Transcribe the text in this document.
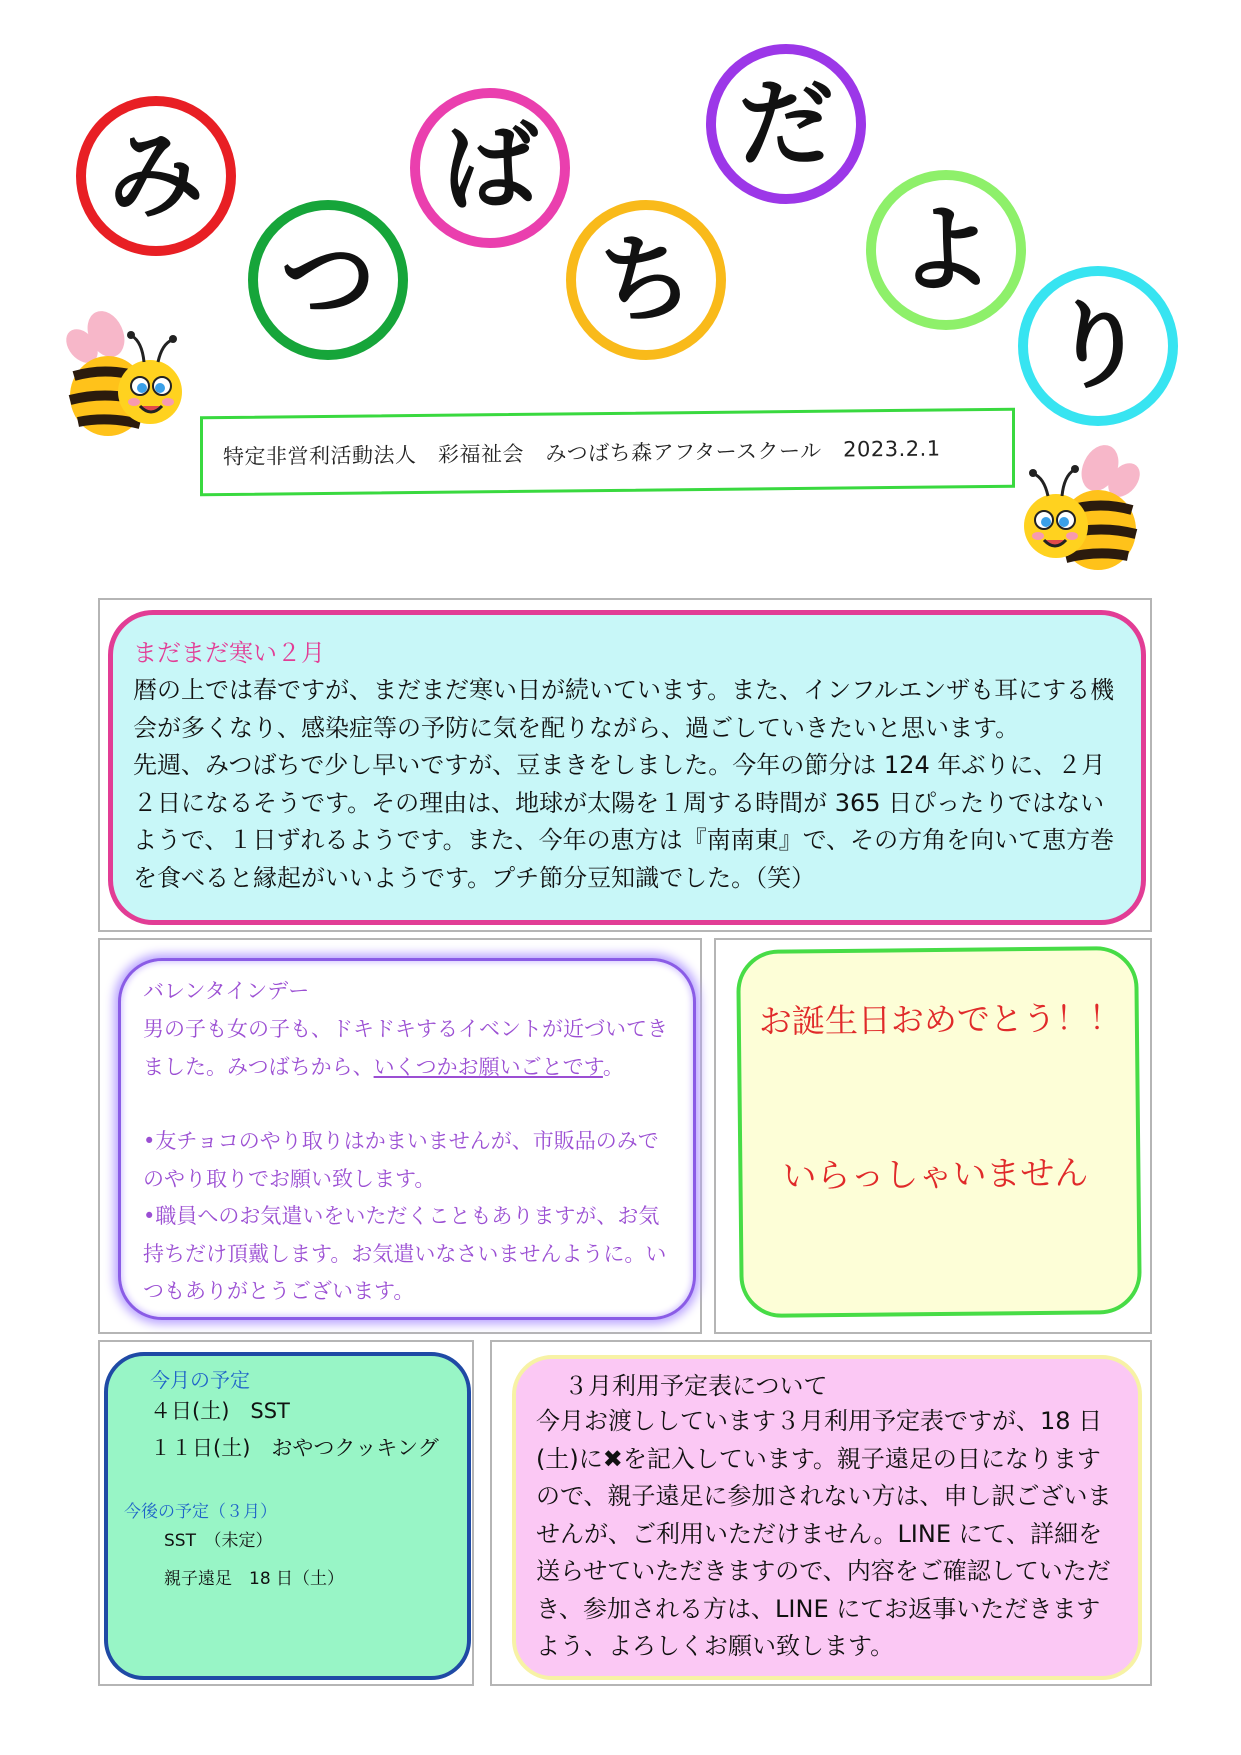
み
つ
ば
ち
だ
よ
り
特定非営利活動法人
　 彩福祉会
　 みつばち森アフタースクール
　 2023.2.1
まだまだ寒い２月

暦の上では春ですが、まだまだ寒い日が続いています。また、インフルエンザも耳にする機会が多くなり、感染症等の予防に気を配りながら、過ごしていきたいと思います。

先週、みつばちで少し早いですが、豆まきをしました。今年の節分は 124 年ぶりに、２月２日になるそうです。その理由は、地球が太陽を１周する時間が 365 日ぴったりではないようで、１日ずれるようです。また、今年の恵方は『南南東』で、その方角を向いて恵方巻を食べると縁起がいいようです。プチ節分豆知識でした。（笑）

バレンタインデー

男の子も女の子も、ドキドキするイベントが近づいてきました。みつばちから、いくつかお願いごとです。

•友チョコのやり取りはかまいませんが、市販品のみでのやり取りでお願い致します。

•職員へのお気遣いをいただくこともありますが、お気持ちだけ頂戴します。お気遣いなさいませんように。いつもありがとうございます。

お誕生日おめでとう！！
いらっしゃいません
今月の予定
４日(土)　SST
１１日(土)　おやつクッキング
今後の予定（３月）
SST　（未定）
親子遠足　18 日（土）
３月利用予定表について

今月お渡ししています３月利用予定表ですが、18 日(土)に✖を記入しています。親子遠足の日になりますので、親子遠足に参加されない方は、申し訳ございませんが、ご利用いただけません。LINE にて、詳細を送らせていただきますので、内容をご確認していただき、参加される方は、LINE にてお返事いただきますよう、よろしくお願い致します。
